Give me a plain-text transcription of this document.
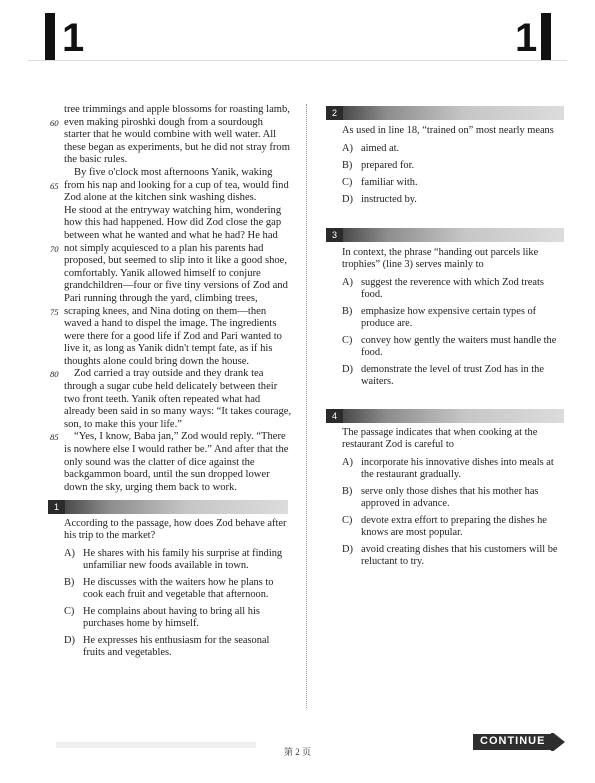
1	1
tree trimmings and apple blossoms for roasting lamb,
60 even making piroshki dough from a sourdough
starter that he would combine with well water. All
these began as experiments, but he did not stray from
the basic rules.
By five o'clock most afternoons Yanik, waking
65 from his nap and looking for a cup of tea, would find
Zod alone at the kitchen sink washing dishes.
He stood at the entryway watching him, wondering
how this had happened. How did Zod close the gap
between what he wanted and what he had? He had
70 not simply acquiesced to a plan his parents had
proposed, but seemed to slip into it like a good shoe,
comfortably. Yanik allowed himself to conjure
grandchildren—four or five tiny versions of Zod and
Pari running through the yard, climbing trees,
75 scraping knees, and Nina doting on them—then
waved a hand to dispel the image. The ingredients
were there for a good life if Zod and Pari wanted to
live it, as long as Yanik didn't tempt fate, as if his
thoughts alone could bring down the house.
80 Zod carried a tray outside and they drank tea
through a sugar cube held delicately between their
two front teeth. Yanik often repeated what had
already been said in so many ways: “It takes courage,
son, to make this your life.”
85 “Yes, I know, Baba jan,” Zod would reply. “There
is nowhere else I would rather be.” And after that the
only sound was the clatter of dice against the
backgammon board, until the sun dropped lower
down the sky, urging them back to work.
1
According to the passage, how does Zod behave after his trip to the market?
A) He shares with his family his surprise at finding unfamiliar new foods available in town.
B) He discusses with the waiters how he plans to cook each fruit and vegetable that afternoon.
C) He complains about having to bring all his purchases home by himself.
D) He expresses his enthusiasm for the seasonal fruits and vegetables.
2
As used in line 18, “trained on” most nearly means
A) aimed at.
B) prepared for.
C) familiar with.
D) instructed by.
3
In context, the phrase “handing out parcels like trophies” (line 3) serves mainly to
A) suggest the reverence with which Zod treats food.
B) emphasize how expensive certain types of produce are.
C) convey how gently the waiters must handle the food.
D) demonstrate the level of trust Zod has in the waiters.
4
The passage indicates that when cooking at the restaurant Zod is careful to
A) incorporate his innovative dishes into meals at the restaurant gradually.
B) serve only those dishes that his mother has approved in advance.
C) devote extra effort to preparing the dishes he knows are most popular.
D) avoid creating dishes that his customers will be reluctant to try.
第 2 页
CONTINUE
